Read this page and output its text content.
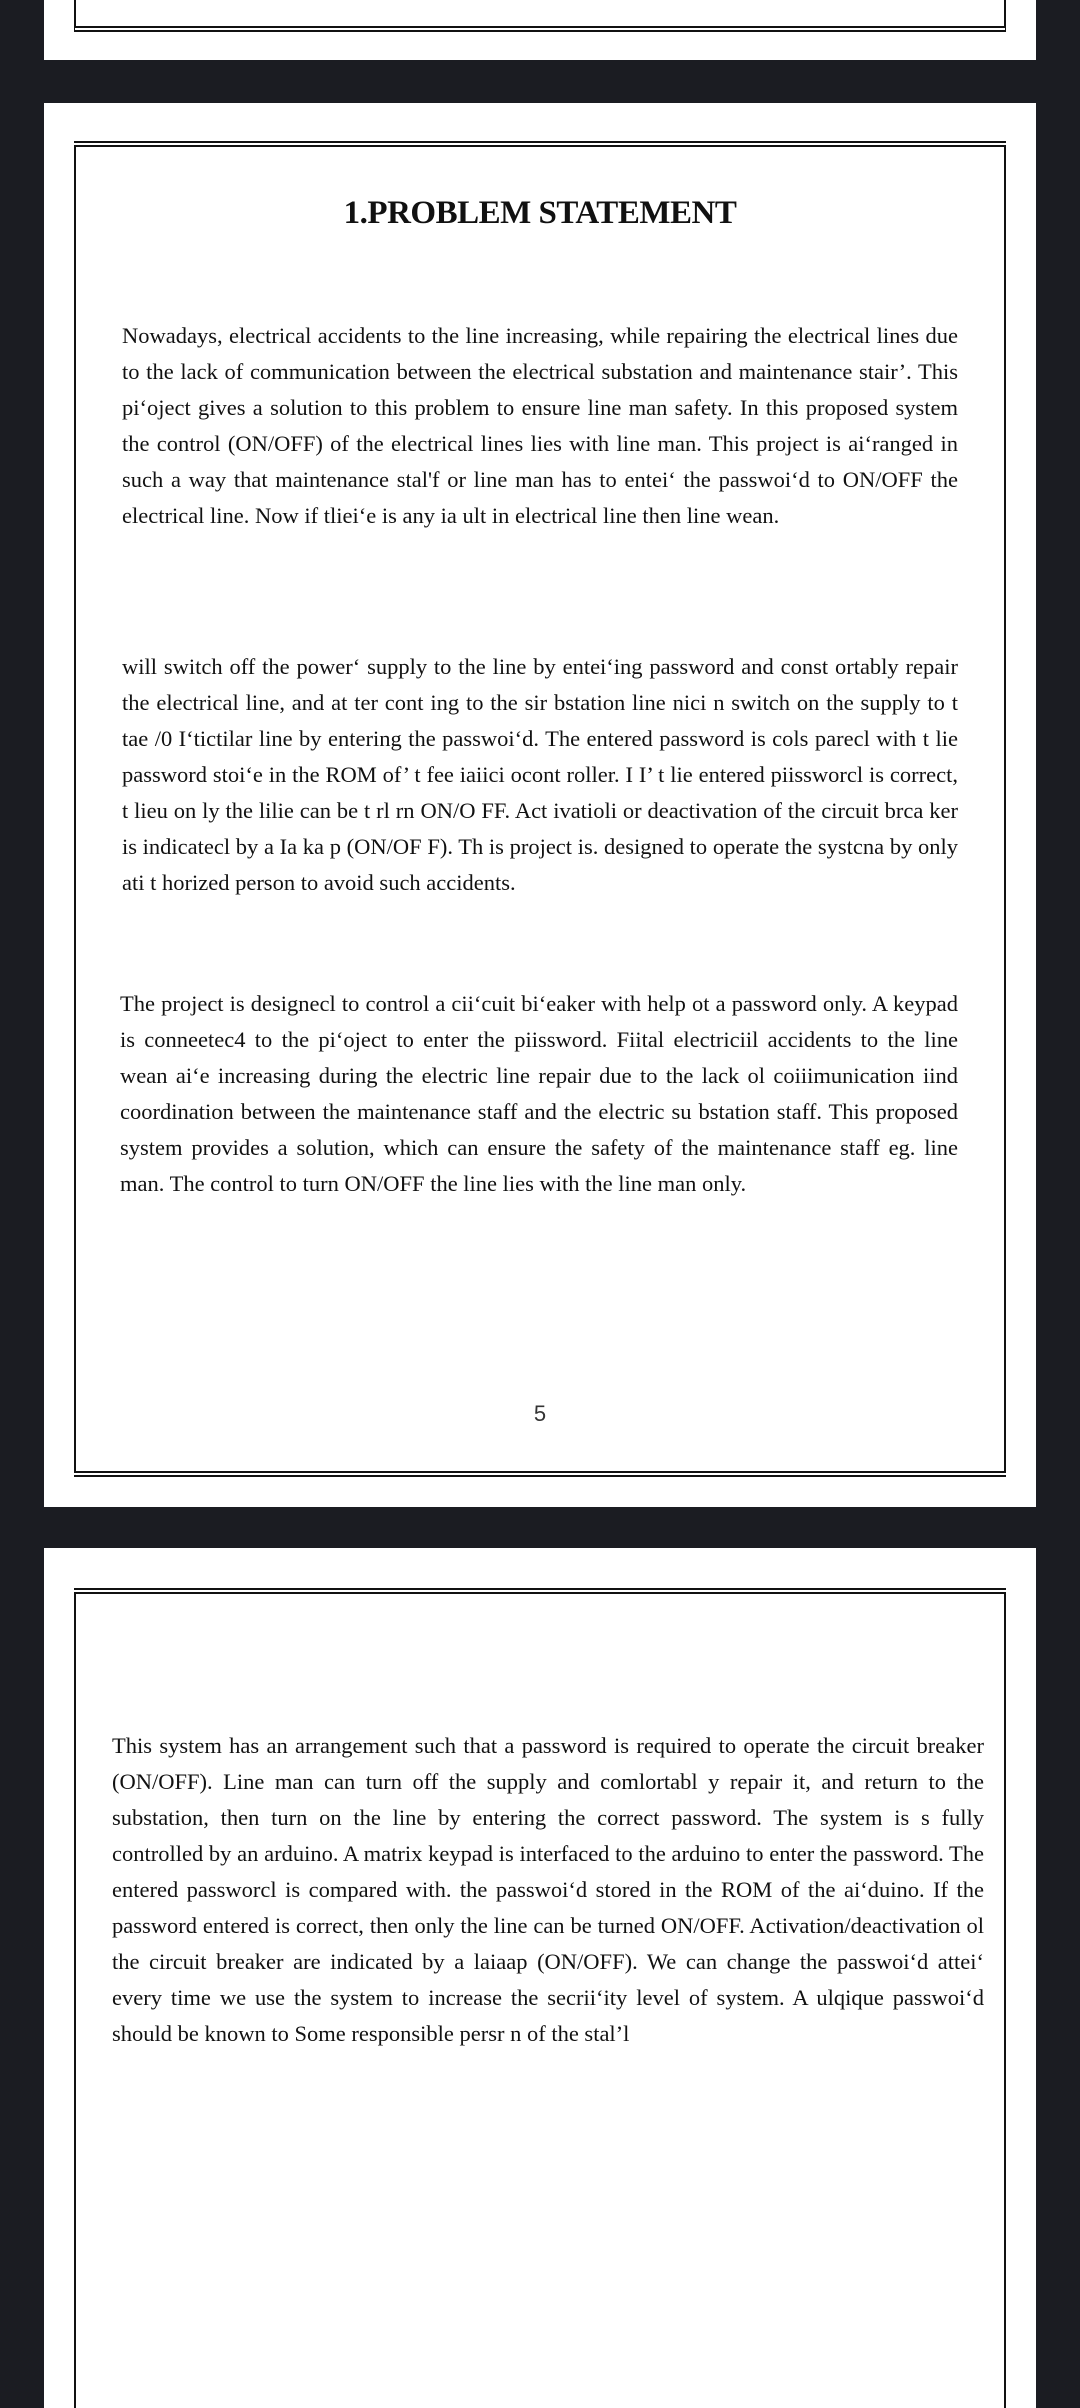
1.PROBLEM STATEMENT

Nowadays, electrical accidents to the line increasing, while repairing the electrical lines due to the lack of communication between the electrical substation and maintenance stair’. This pi‘oject gives a solution to this problem to ensure line man safety. In this proposed system the control (ON/OFF) of the electrical lines lies with line man. This project is ai‘ranged in such a way that maintenance stal'f or line man has to entei‘ the passwoi‘d to ON/OFF the electrical line. Now if tliei‘e is any ia ult in electrical line then line wean.

will switch off the power‘ supply to the line by entei‘ing password and const ortably repair the electrical line, and at ter cont ing to the sir bstation line nici n switch on the supply to t tae /0 I‘tictilar line by entering the passwoi‘d. The entered password is cols parecl with t lie password stoi‘e in the ROM of’ t fee iaiici ocont roller. I I’ t lie entered piissworcl is correct, t lieu on ly the lilie can be t rl rn ON/O FF. Act ivatioli or deactivation of the circuit brca ker is indicatecl by a Ia ka p (ON/OF F). Th is project is. designed to operate the systcna by only ati t horized person to avoid such accidents.

The project is designecl to control a cii‘cuit bi‘eaker with help ot a password only. A keypad is conneetec4 to the pi‘oject to enter the piissword. Fiital electriciil accidents to the line wean ai‘e increasing during the electric line repair due to the lack ol coiiimunication iind coordination between the maintenance staff and the electric su bstation staff. This proposed system provides a solution, which can ensure the safety of the maintenance staff eg. line man. The control to turn ON/OFF the line lies with the line man only.

5

This system has an arrangement such that a password is required to operate the circuit breaker (ON/OFF). Line man can turn off the supply and comlortabl y repair it, and return to the substation, then turn on the line by entering the correct password. The system is s fully controlled by an arduino. A matrix keypad is interfaced to the arduino to enter the password. The entered passworcl is compared with. the passwoi‘d stored in the ROM of the ai‘duino. If the password entered is correct, then only the line can be turned ON/OFF. Activation/deactivation ol the circuit breaker are indicated by a laiaap (ON/OFF). We can change the passwoi‘d attei‘ every time we use the system to increase the secrii‘ity level of system. A ulqique passwoi‘d should be known to Some responsible persr n of the stal’l
